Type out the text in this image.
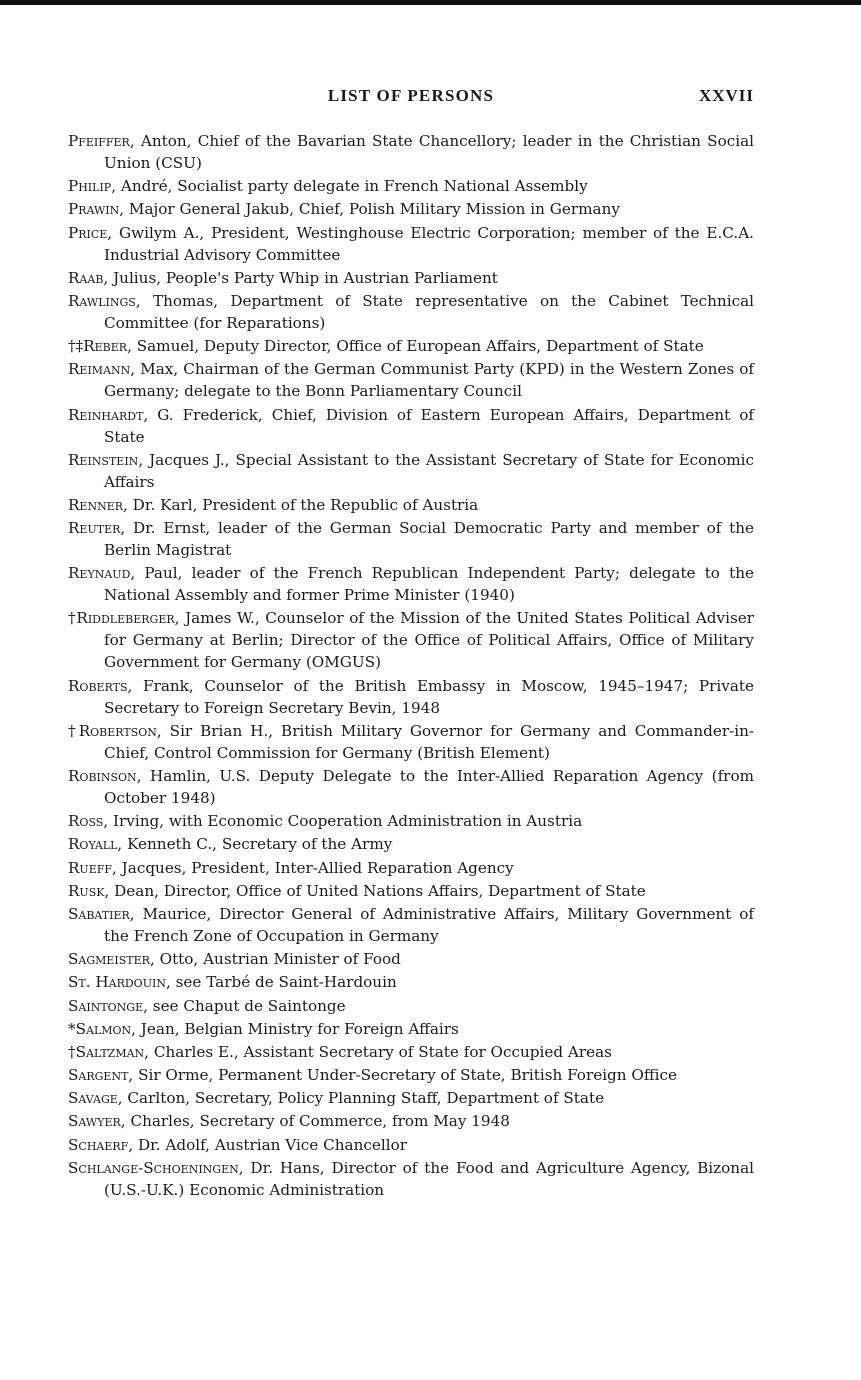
LIST OF PERSONS	XXVII
Pfeiffer, Anton, Chief of the Bavarian State Chancellory; leader in the Christian Social Union (CSU)
Philip, André, Socialist party delegate in French National Assembly
Prawin, Major General Jakub, Chief, Polish Military Mission in Germany
Price, Gwilym A., President, Westinghouse Electric Corporation; member of the E.C.A. Industrial Advisory Committee
Raab, Julius, People's Party Whip in Austrian Parliament
Rawlings, Thomas, Department of State representative on the Cabinet Technical Committee (for Reparations)
†‡Reber, Samuel, Deputy Director, Office of European Affairs, Department of State
Reimann, Max, Chairman of the German Communist Party (KPD) in the Western Zones of Germany; delegate to the Bonn Parliamentary Council
Reinhardt, G. Frederick, Chief, Division of Eastern European Affairs, Department of State
Reinstein, Jacques J., Special Assistant to the Assistant Secretary of State for Economic Affairs
Renner, Dr. Karl, President of the Republic of Austria
Reuter, Dr. Ernst, leader of the German Social Democratic Party and member of the Berlin Magistrat
Reynaud, Paul, leader of the French Republican Independent Party; delegate to the National Assembly and former Prime Minister (1940)
†Riddleberger, James W., Counselor of the Mission of the United States Political Adviser for Germany at Berlin; Director of the Office of Political Affairs, Office of Military Government for Germany (OMGUS)
Roberts, Frank, Counselor of the British Embassy in Moscow, 1945–1947; Private Secretary to Foreign Secretary Bevin, 1948
†Robertson, Sir Brian H., British Military Governor for Germany and Commander-in-Chief, Control Commission for Germany (British Element)
Robinson, Hamlin, U.S. Deputy Delegate to the Inter-Allied Reparation Agency (from October 1948)
Ross, Irving, with Economic Cooperation Administration in Austria
Royall, Kenneth C., Secretary of the Army
Rueff, Jacques, President, Inter-Allied Reparation Agency
Rusk, Dean, Director, Office of United Nations Affairs, Department of State
Sabatier, Maurice, Director General of Administrative Affairs, Military Government of the French Zone of Occupation in Germany
Sagmeister, Otto, Austrian Minister of Food
St. Hardouin, see Tarbé de Saint-Hardouin
Saintonge, see Chaput de Saintonge
*Salmon, Jean, Belgian Ministry for Foreign Affairs
†Saltzman, Charles E., Assistant Secretary of State for Occupied Areas
Sargent, Sir Orme, Permanent Under-Secretary of State, British Foreign Office
Savage, Carlton, Secretary, Policy Planning Staff, Department of State
Sawyer, Charles, Secretary of Commerce, from May 1948
Schaerf, Dr. Adolf, Austrian Vice Chancellor
Schlange-Schoeningen, Dr. Hans, Director of the Food and Agriculture Agency, Bizonal (U.S.-U.K.) Economic Administration
